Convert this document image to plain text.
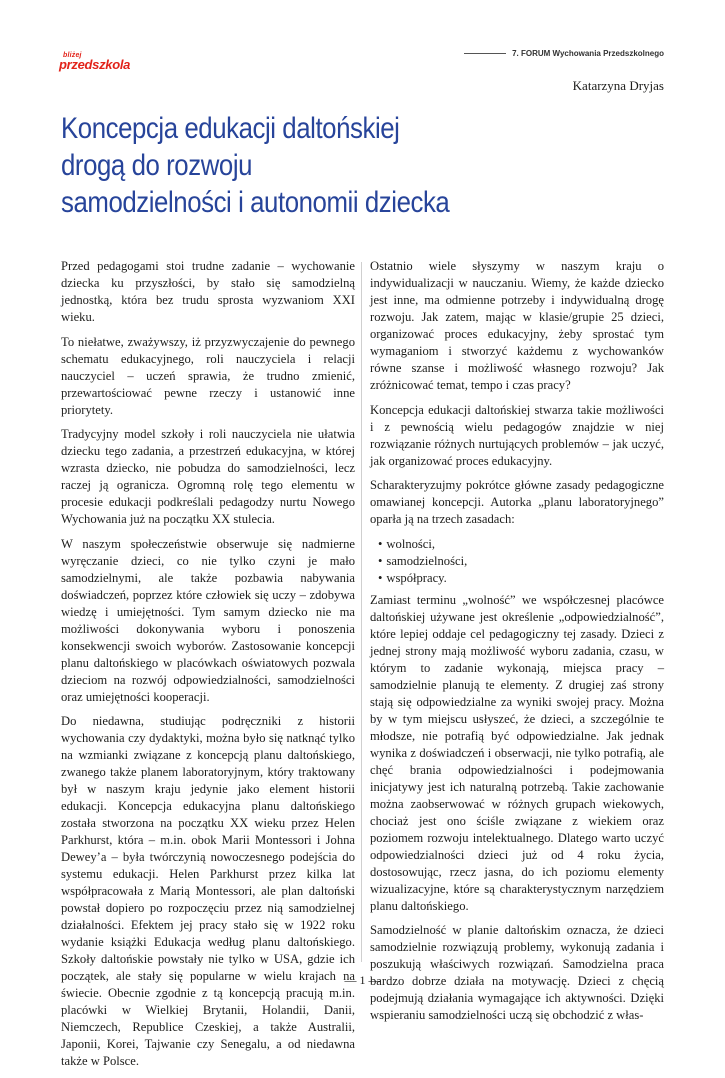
bliżej
przedszkola
7. FORUM Wychowania Przedszkolnego
Katarzyna Dryjas
Koncepcja edukacji daltońskiej
drogą do rozwoju
samodzielności i autonomii dziecka

Przed pedagogami stoi trudne zadanie – wychowanie dziecka ku przyszłości, by stało się samodzielną jednostką, która bez trudu sprosta wyzwaniom XXI wieku.

To niełatwe, zważywszy, iż przyzwyczajenie do pewnego schematu edukacyjnego, roli nauczyciela i relacji nauczyciel – uczeń sprawia, że trudno zmienić, przewartościować pewne rzeczy i ustanowić inne priorytety.

Tradycyjny model szkoły i roli nauczyciela nie ułatwia dziecku tego zadania, a przestrzeń edukacyjna, w której wzrasta dziecko, nie pobudza do samodzielności, lecz raczej ją ogranicza. Ogromną rolę tego elementu w procesie edukacji podkreślali pedagodzy nurtu Nowego Wychowania już na początku XX stulecia.

W naszym społeczeństwie obserwuje się nadmierne wyręczanie dzieci, co nie tylko czyni je mało samodzielnymi, ale także pozbawia nabywania doświadczeń, poprzez które człowiek się uczy – zdobywa wiedzę i umiejętności. Tym samym dziecko nie ma możliwości dokonywania wyboru i ponoszenia konsekwencji swoich wyborów. Zastosowanie koncepcji planu daltońskiego w placówkach oświatowych pozwala dzieciom na rozwój odpowiedzialności, samodzielności oraz umiejętności kooperacji.

Do niedawna, studiując podręczniki z historii wychowania czy dydaktyki, można było się natknąć tylko na wzmianki związane z koncepcją planu daltońskiego, zwanego także planem laboratoryjnym, który traktowany był w naszym kraju jedynie jako element historii edukacji. Koncepcja edukacyjna planu daltońskiego została stworzona na początku XX wieku przez Helen Parkhurst, która – m.in. obok Marii Montessori i Johna Dewey’a – była twórczynią nowoczesnego podejścia do systemu edukacji. Helen Parkhurst przez kilka lat współpracowała z Marią Montessori, ale plan daltoński powstał dopiero po rozpoczęciu przez nią samodzielnej działalności. Efektem jej pracy stało się w 1922 roku wydanie książki Edukacja według planu daltońskiego. Szkoły daltońskie powstały nie tylko w USA, gdzie ich początek, ale stały się popularne w wielu krajach na świecie. Obecnie zgodnie z tą koncepcją pracują m.in. placówki w Wielkiej Brytanii, Holandii, Danii, Niemczech, Republice Czeskiej, a także Australii, Japonii, Korei, Tajwanie czy Senegalu, a od niedawna także w Polsce.

Ostatnio wiele słyszymy w naszym kraju o indywidualizacji w nauczaniu. Wiemy, że każde dziecko jest inne, ma odmienne potrzeby i indywidualną drogę rozwoju. Jak zatem, mając w klasie/grupie 25 dzieci, organizować proces edukacyjny, żeby sprostać tym wymaganiom i stworzyć każdemu z wychowanków równe szanse i możliwość własnego rozwoju? Jak zróżnicować temat, tempo i czas pracy?

Koncepcja edukacji daltońskiej stwarza takie możliwości i z pewnością wielu pedagogów znajdzie w niej rozwiązanie różnych nurtujących problemów – jak uczyć, jak organizować proces edukacyjny.

Scharakteryzujmy pokrótce główne zasady pedagogiczne omawianej koncepcji. Autorka „planu laboratoryjnego” oparła ją na trzech zasadach:

• wolności,
• samodzielności,
• współpracy.

Zamiast terminu „wolność” we współczesnej placówce daltońskiej używane jest określenie „odpowiedzialność”, które lepiej oddaje cel pedagogiczny tej zasady. Dzieci z jednej strony mają możliwość wyboru zadania, czasu, w którym to zadanie wykonają, miejsca pracy – samodzielnie planują te elementy. Z drugiej zaś strony stają się odpowiedzialne za wyniki swojej pracy. Można by w tym miejscu usłyszeć, że dzieci, a szczególnie te młodsze, nie potrafią być odpowiedzialne. Jak jednak wynika z doświadczeń i obserwacji, nie tylko potrafią, ale chęć brania odpowiedzialności i podejmowania inicjatywy jest ich naturalną potrzebą. Takie zachowanie można zaobserwować w różnych grupach wiekowych, chociaż jest ono ściśle związane z wiekiem oraz poziomem rozwoju intelektualnego. Dlatego warto uczyć odpowiedzialności dzieci już od 4 roku życia, dostosowując, rzecz jasna, do ich poziomu elementy wizualizacyjne, które są charakterystycznym narzędziem planu daltońskiego.

Samodzielność w planie daltońskim oznacza, że dzieci samodzielnie rozwiązują problemy, wykonują zadania i poszukują właściwych rozwiązań. Samodzielna praca bardzo dobrze działa na motywację. Dzieci z chęcią podejmują działania wymagające ich aktywności. Dzięki wspieraniu samodzielności uczą się obchodzić z włas-

— 1 —
